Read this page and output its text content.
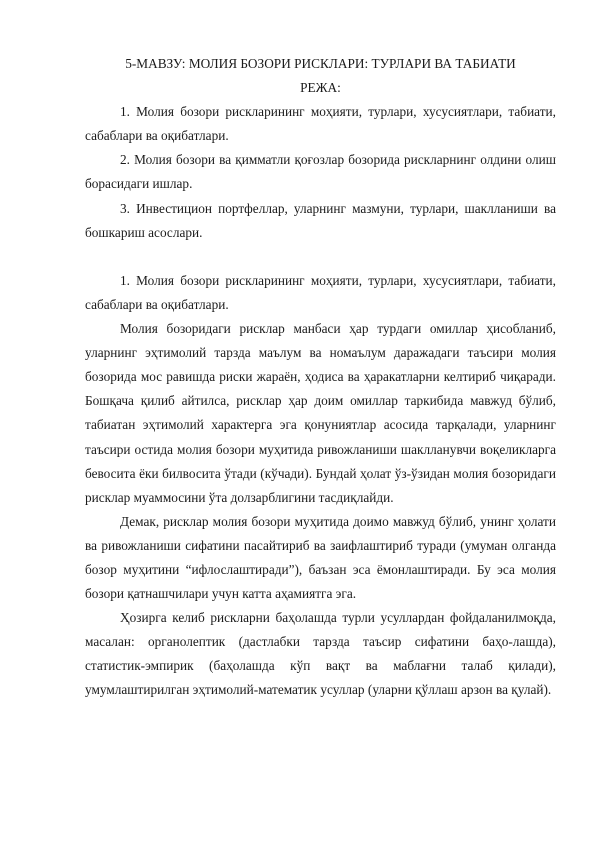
5-МАВЗУ: МОЛИЯ БОЗОРИ РИСКЛАРИ: ТУРЛАРИ ВА ТАБИАТИ

РЕЖА:

1. Молия бозори рискларининг моҳияти, турлари, хусусиятлари, табиати, сабаблари ва оқибатлари.

2. Молия бозори ва қимматли қоғозлар бозорида рискларнинг олдини олиш борасидаги ишлар.

3. Инвестицион портфеллар, уларнинг мазмуни, турлари, шаклланиши ва бошкариш асослари.

1. Молия бозори рискларининг моҳияти, турлари, хусусиятлари, табиати, сабаблари ва оқибатлари.

Молия бозоридаги рисклар манбаси ҳар турдаги омиллар ҳисобланиб, уларнинг эҳтимолий тарзда маълум ва номаълум даражадаги таъсири молия бозорида мос равишда риски жараён, ҳодиса ва ҳаракатларни келтириб чиқаради. Бошқача қилиб айтилса, рисклар ҳар доим омиллар таркибида мавжуд бўлиб, табиатан эҳтимолий характерга эга қонуниятлар асосида тарқалади, уларнинг таъсири остида молия бозори муҳитида ривожланиши шаклланувчи воқеликларга бевосита ёки билвосита ўтади (кўчади). Бундай ҳолат ўз-ўзидан молия бозоридаги рисклар муаммосини ўта долзарблигини тасдиқлайди.

Демак, рисклар молия бозори муҳитида доимо мавжуд бўлиб, унинг ҳолати ва ривожланиши сифатини пасайтириб ва заифлаштириб туради (умуман олганда бозор муҳитини “ифлослаштиради”), баъзан эса ёмонлаштиради. Бу эса молия бозори қатнашчилари учун катта аҳамиятга эга.

Ҳозирга келиб рискларни баҳолашда турли усуллардан фойдаланилмоқда, масалан: органолептик (дастлабки тарзда таъсир сифатини баҳо-лашда), статистик-эмпирик (баҳолашда кўп вақт ва маблағни талаб қилади), умумлаштирилган эҳтимолий-математик усуллар (уларни қўллаш арзон ва қулай).
